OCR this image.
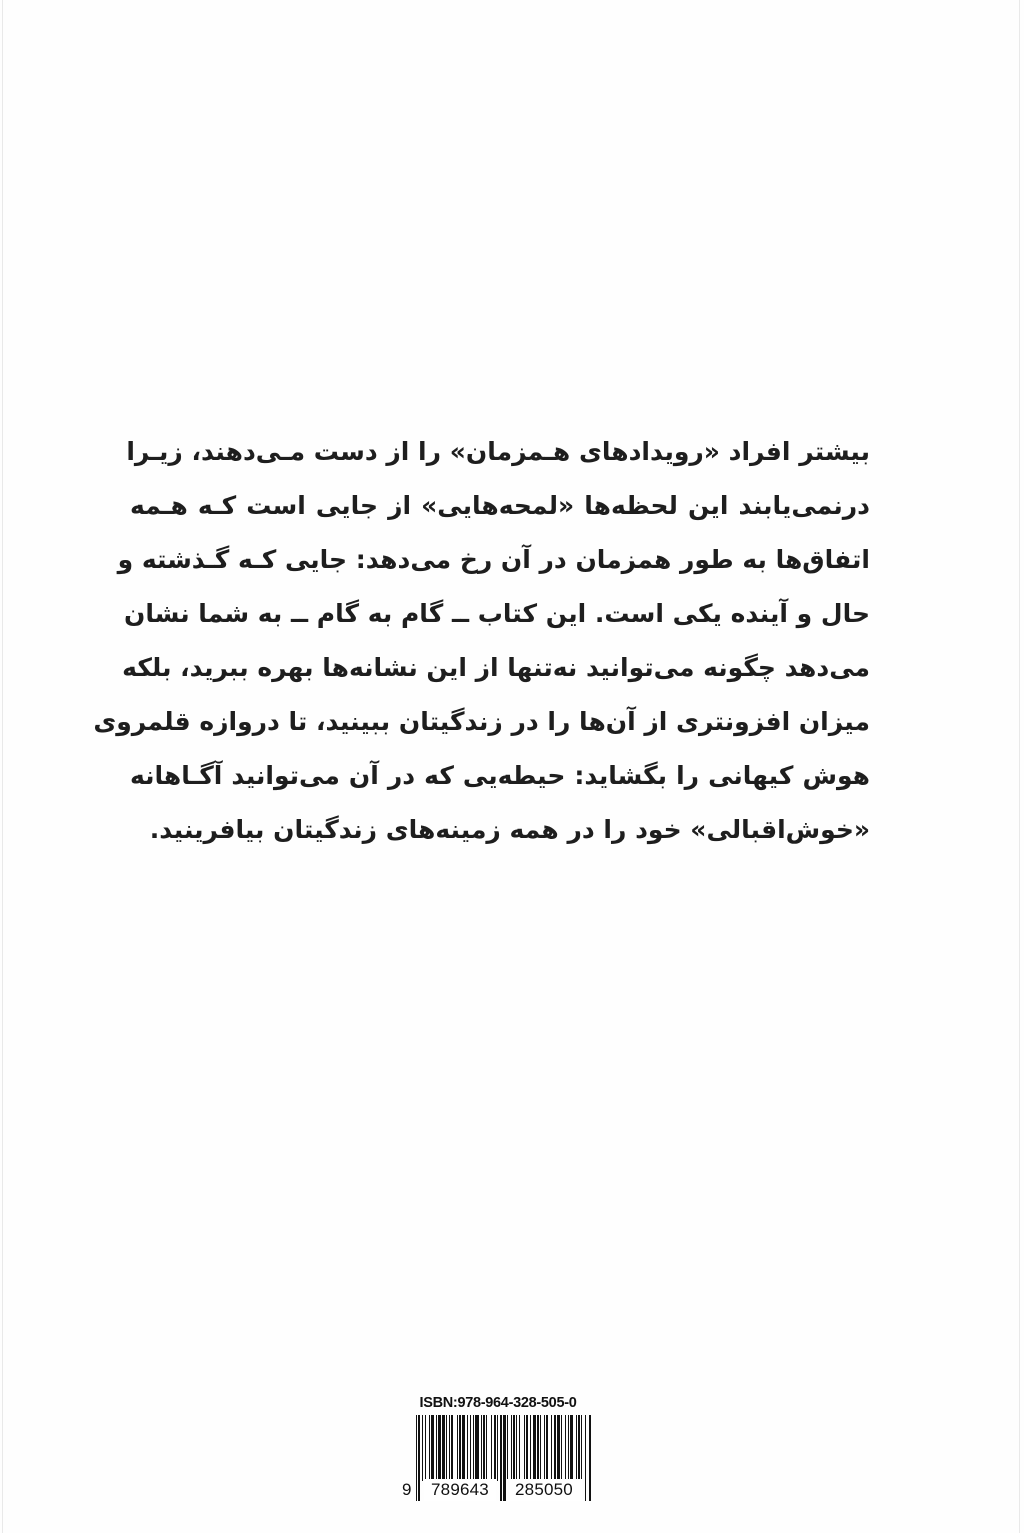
بیشتر افراد «رویدادهای هـمزمان» را از دست مـی‌دهند، زیـرا
درنمی‌یابند این لحظه‌ها «لمحه‌هایی» از جایی است کـه هـمه
اتفاق‌ها به طور همزمان در آن رخ می‌دهد: جایی کـه گـذشته و
حال و آینده یکی است. این کتاب ــ گام به گام ــ به شما نشان
می‌دهد چگونه می‌توانید نه‌تنها از این نشانه‌ها بهره ببرید، بلکه
میزان افزونتری از آن‌ها را در زندگیتان ببینید، تا دروازه قلمروی
هوش کیهانی را بگشاید: حیطه‌یی که در آن می‌توانید آگـاهانه
«خوش‌اقبالی» خود را در همه زمینه‌های زندگیتان بیافرینید.
ISBN:978-964-328-505-0
9	789643	285050
